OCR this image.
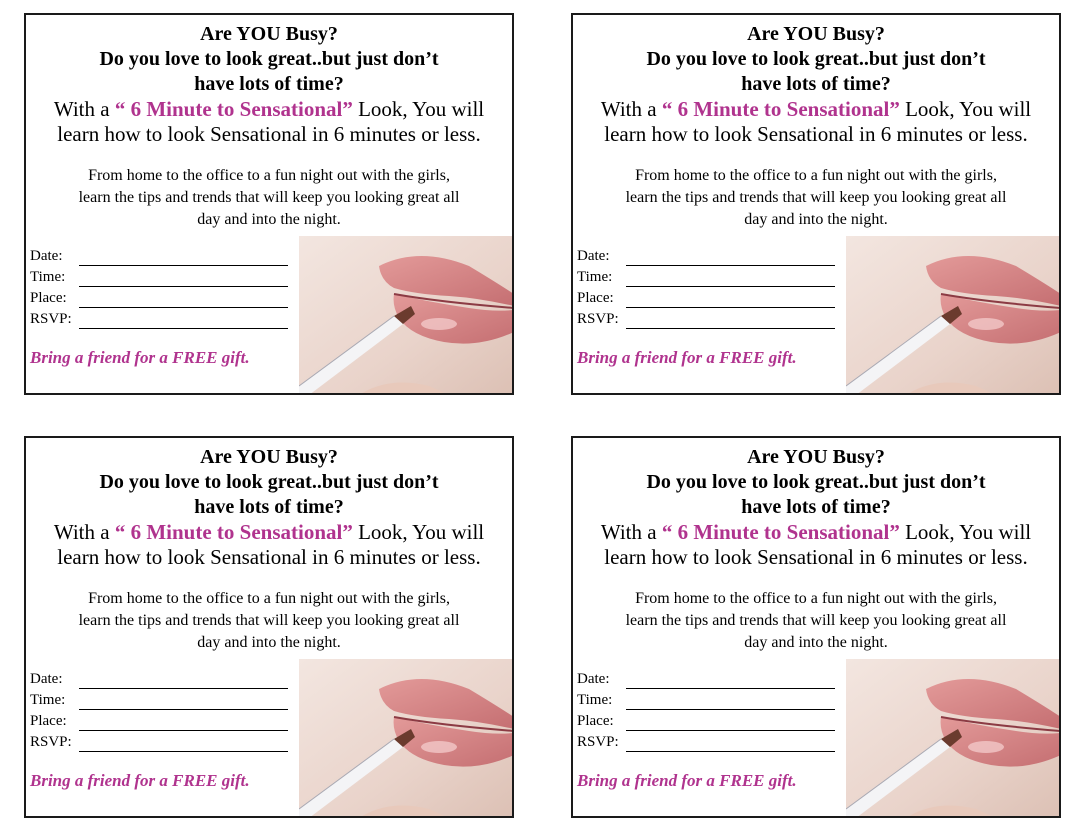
Are YOU Busy?
Do you love to look great..but just don’t
have lots of time?
With a “ 6 Minute to Sensational” Look, You will
learn how to look Sensational in 6 minutes or less.
From home to the office to a fun night out with the girls,
learn the tips and trends that will keep you looking great all
day and into the night.
Date:
Time:
Place:
RSVP:
Bring a friend for a FREE gift.
Are YOU Busy?
Do you love to look great..but just don’t
have lots of time?
With a “ 6 Minute to Sensational” Look, You will
learn how to look Sensational in 6 minutes or less.
From home to the office to a fun night out with the girls,
learn the tips and trends that will keep you looking great all
day and into the night.
Date:
Time:
Place:
RSVP:
Bring a friend for a FREE gift.
Are YOU Busy?
Do you love to look great..but just don’t
have lots of time?
With a “ 6 Minute to Sensational” Look, You will
learn how to look Sensational in 6 minutes or less.
From home to the office to a fun night out with the girls,
learn the tips and trends that will keep you looking great all
day and into the night.
Date:
Time:
Place:
RSVP:
Bring a friend for a FREE gift.
Are YOU Busy?
Do you love to look great..but just don’t
have lots of time?
With a “ 6 Minute to Sensational” Look, You will
learn how to look Sensational in 6 minutes or less.
From home to the office to a fun night out with the girls,
learn the tips and trends that will keep you looking great all
day and into the night.
Date:
Time:
Place:
RSVP:
Bring a friend for a FREE gift.
